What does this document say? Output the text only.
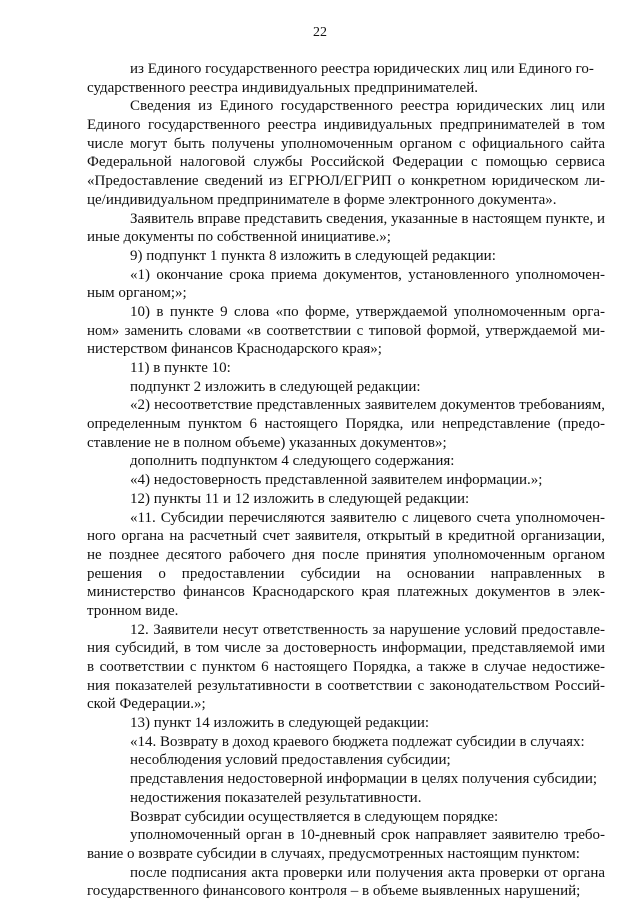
22
из Единого государственного реестра юридических лиц или Единого го-
сударственного реестра индивидуальных предпринимателей.
Сведения из Единого государственного реестра юридических лиц или
Единого государственного реестра индивидуальных предпринимателей в том
числе могут быть получены уполномоченным органом с официального сайта
Федеральной налоговой службы Российской Федерации с помощью сервиса
«Предоставление сведений из ЕГРЮЛ/ЕГРИП о конкретном юридическом ли-
це/индивидуальном предпринимателе в форме электронного документа».
Заявитель вправе представить сведения, указанные в настоящем пункте, и
иные документы по собственной инициативе.»;
9) подпункт 1 пункта 8 изложить в следующей редакции:
«1) окончание срока приема документов, установленного уполномочен-
ным органом;»;
10) в пункте 9 слова «по форме, утверждаемой уполномоченным орга-
ном» заменить словами «в соответствии с типовой формой, утверждаемой ми-
нистерством финансов Краснодарского края»;
11) в пункте 10:
подпункт 2 изложить в следующей редакции:
«2) несоответствие представленных заявителем документов требованиям,
определенным пунктом 6 настоящего Порядка, или непредставление (предо-
ставление не в полном объеме) указанных документов»;
дополнить подпунктом 4 следующего содержания:
«4) недостоверность представленной заявителем информации.»;
12) пункты 11 и 12 изложить в следующей редакции:
«11. Субсидии перечисляются заявителю с лицевого счета уполномочен-
ного органа на расчетный счет заявителя, открытый в кредитной организации,
не позднее десятого рабочего дня после принятия уполномоченным органом
решения о предоставлении субсидии на основании направленных в
министерство финансов Краснодарского края платежных документов в элек-
тронном виде.
12. Заявители несут ответственность за нарушение условий предоставле-
ния субсидий, в том числе за достоверность информации, представляемой ими
в соответствии с пунктом 6 настоящего Порядка, а также в случае недостиже-
ния показателей результативности в соответствии с законодательством Россий-
ской Федерации.»;
13) пункт 14 изложить в следующей редакции:
«14. Возврату в доход краевого бюджета подлежат субсидии в случаях:
несоблюдения условий предоставления субсидии;
представления недостоверной информации в целях получения субсидии;
недостижения показателей результативности.
Возврат субсидии осуществляется в следующем порядке:
уполномоченный орган в 10-дневный срок направляет заявителю требо-
вание о возврате субсидии в случаях, предусмотренных настоящим пунктом:
после подписания акта проверки или получения акта проверки от органа
государственного финансового контроля – в объеме выявленных нарушений;
